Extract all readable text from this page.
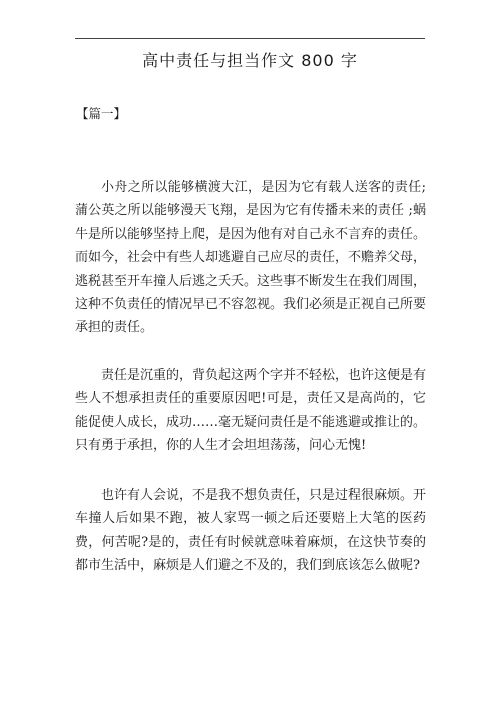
高中责任与担当作文 800 字
【篇一】

小舟之所以能够横渡大江，是因为它有载人送客的责任;蒲公英之所以能够漫天飞翔，是因为它有传播未来的责任 ;蜗牛是所以能够坚持上爬，是因为他有对自己永不言弃的责任。而如今，社会中有些人却逃避自己应尽的责任，不赡养父母，逃税甚至开车撞人后逃之夭夭。这些事不断发生在我们周围，这种不负责任的情况早已不容忽视。我们必须是正视自己所要承担的责任。

责任是沉重的，背负起这两个字并不轻松，也许这便是有些人不想承担责任的重要原因吧!可是，责任又是高尚的，它能促使人成长，成功……毫无疑问责任是不能逃避或推让的。只有勇于承担，你的人生才会坦坦荡荡，问心无愧!

也许有人会说，不是我不想负责任，只是过程很麻烦。开车撞人后如果不跑，被人家骂一顿之后还要赔上大笔的医药费，何苦呢?是的，责任有时候就意味着麻烦，在这快节奏的都市生活中，麻烦是人们避之不及的，我们到底该怎么做呢?
